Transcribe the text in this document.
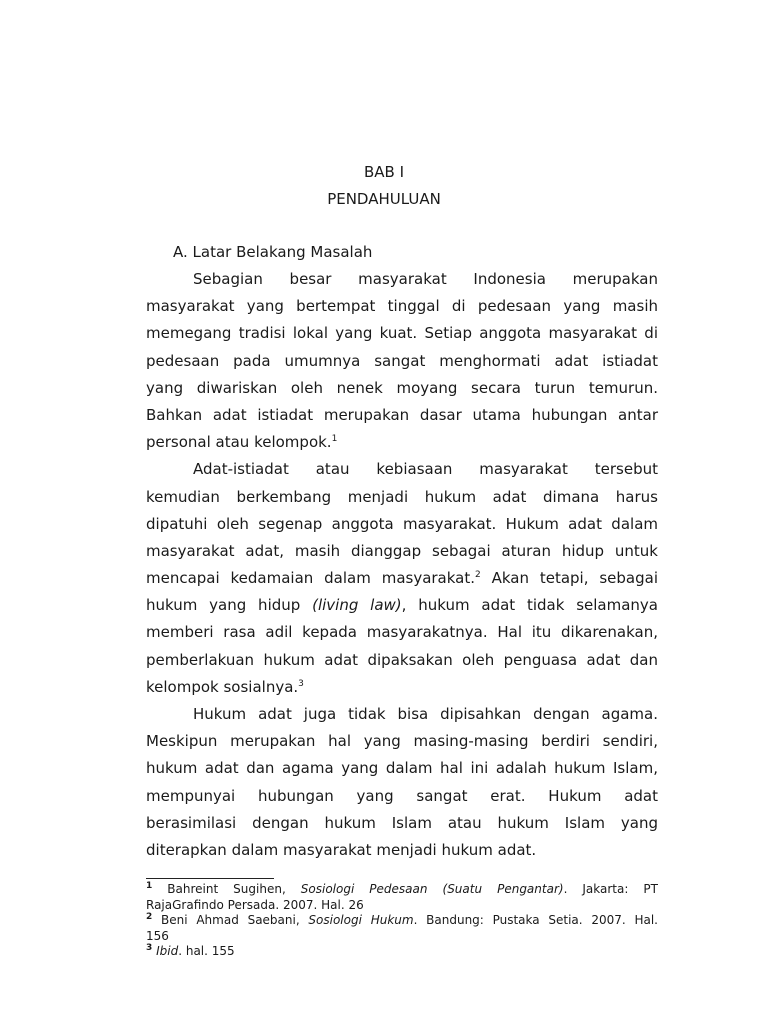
BAB I
PENDAHULUAN
A. Latar Belakang Masalah
Sebagian besar masyarakat Indonesia merupakan
masyarakat yang bertempat tinggal di pedesaan yang masih
memegang tradisi lokal yang kuat. Setiap anggota masyarakat di
pedesaan pada umumnya sangat menghormati adat istiadat
yang diwariskan oleh nenek moyang secara turun temurun.
Bahkan adat istiadat merupakan dasar utama hubungan antar
personal atau kelompok.$^1$
Adat-istiadat atau kebiasaan masyarakat tersebut
kemudian berkembang menjadi hukum adat dimana harus
dipatuhi oleh segenap anggota masyarakat. Hukum adat dalam
masyarakat adat, masih dianggap sebagai aturan hidup untuk
mencapai kedamaian dalam masyarakat.$^2$ Akan tetapi, sebagai
hukum yang hidup (living law), hukum adat tidak selamanya
memberi rasa adil kepada masyarakatnya. Hal itu dikarenakan,
pemberlakuan hukum adat dipaksakan oleh penguasa adat dan
kelompok sosialnya.$^3$
Hukum adat juga tidak bisa dipisahkan dengan agama.
Meskipun merupakan hal yang masing-masing berdiri sendiri,
hukum adat dan agama yang dalam hal ini adalah hukum Islam,
mempunyai hubungan yang sangat erat. Hukum adat
berasimilasi dengan hukum Islam atau hukum Islam yang
diterapkan dalam masyarakat menjadi hukum adat.
$^1$ Bahreint Sugihen, Sosiologi Pedesaan (Suatu Pengantar). Jakarta: PT
RajaGrafindo Persada. 2007. Hal. 26
$^2$ Beni Ahmad Saebani, Sosiologi Hukum. Bandung: Pustaka Setia. 2007. Hal.
156
$^3$ Ibid. hal. 155
